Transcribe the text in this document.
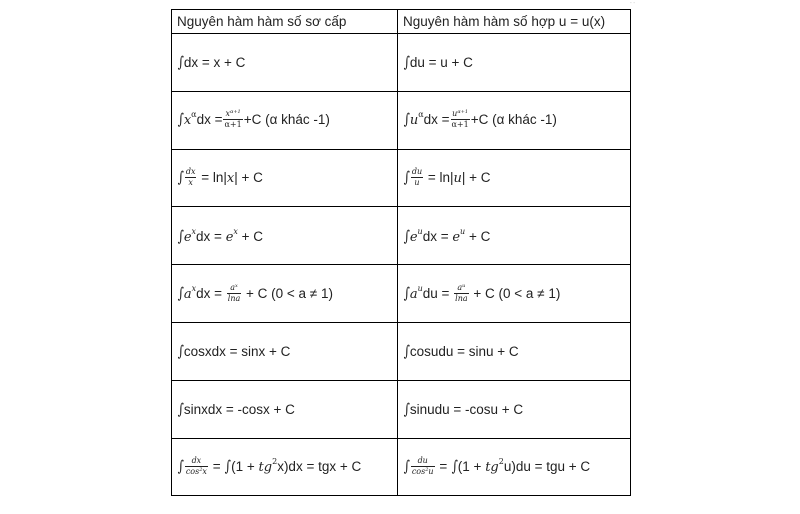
∷
Nguyên hàm hàm số sơ cấp	Nguyên hàm hàm số hợp u = u(x)
∫dx = x + C	∫du = u + C
$\int x^\alpha dx = \frac{x^{\alpha+1}}{\alpha+1} +C$ (α khác -1)	$\int u^\alpha dx = \frac{u^{\alpha+1}}{\alpha+1} +C$ (α khác -1)
∫ $\frac{dx}{x} = \ln|x| + C$	∫ $\frac{du}{u} = \ln|u| + C$
$\int e^xdx = e^x + C$	$\int e^udx = e^u + C$
$\int a^xdx = \frac{a^x}{\ln a} + C$ (0 < a ≠ 1)	$\int a^udu = \frac{a^u}{\ln a} + C$ (0 < a ≠ 1)
∫cosxdx = sinx + C	∫cosudu = sinu + C
∫sinxdx = -cosx + C	∫sinudu = -cosu + C
∫ $\frac{dx}{\cos^2x} = \int(1 + tg^2x)dx$ = tgx + C	∫ $\frac{du}{\cos^2u} = \int(1 + tg^2u)du$ = tgu + C
